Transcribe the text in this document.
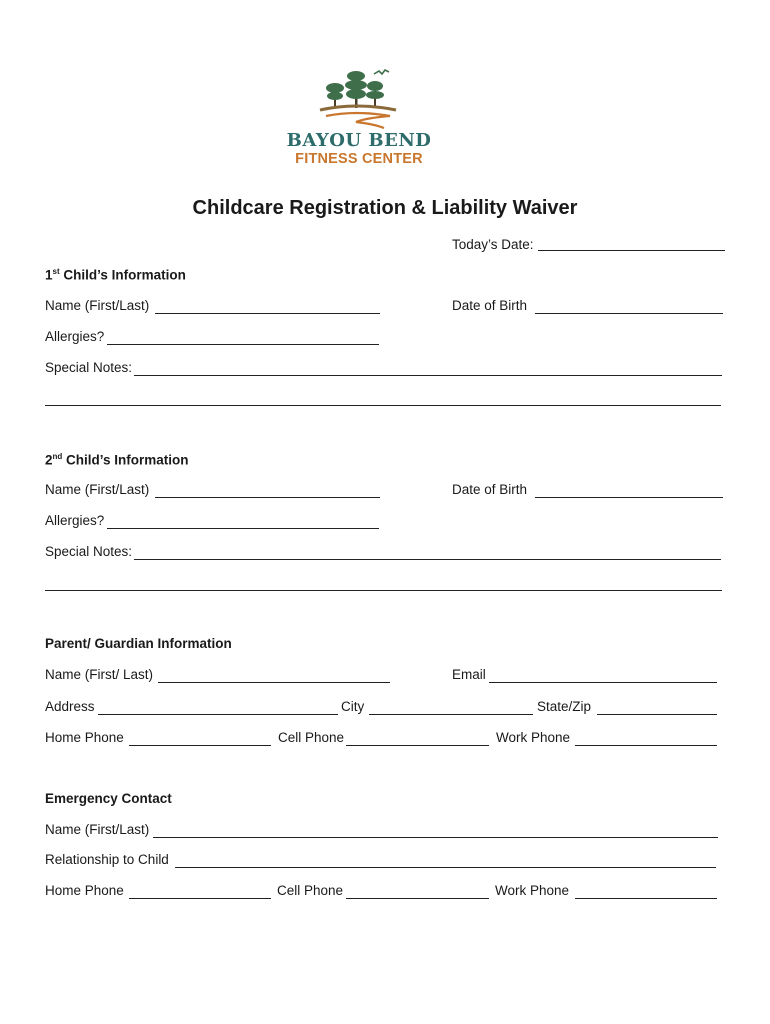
BAYOU BEND
FITNESS CENTER
Childcare Registration & Liability Waiver
Today’s Date:
1st Child’s Information
Name (First/Last)	Date of Birth
Allergies?
Special Notes:
2nd Child’s Information
Name (First/Last)	Date of Birth
Allergies?
Special Notes:
Parent/ Guardian Information
Name (First/ Last)	Email
Address	City	State/Zip
Home Phone	Cell Phone	Work Phone
Emergency Contact
Name (First/Last)
Relationship to Child
Home Phone	Cell Phone	Work Phone
